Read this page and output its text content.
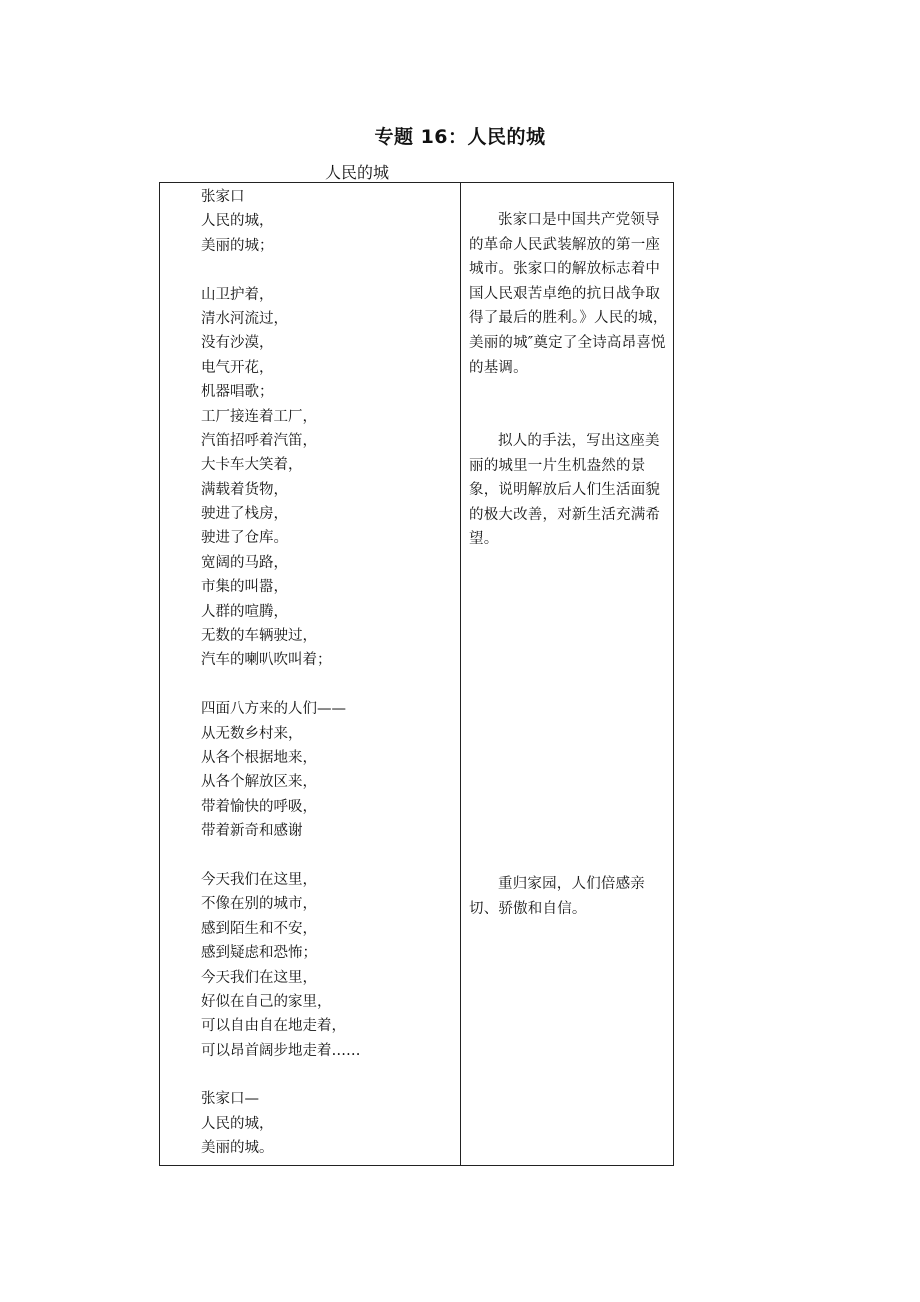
专题 16：人民的城
人民的城
张家口
人民的城，
美丽的城；
山卫护着，
清水河流过，
没有沙漠，
电气开花，
机器唱歌；
工厂接连着工厂，
汽笛招呼着汽笛，
大卡车大笑着，
满载着货物，
驶进了栈房，
驶进了仓库。
宽阔的马路，
市集的叫嚣，
人群的喧腾，
无数的车辆驶过，
汽车的喇叭吹叫着；
四面八方来的人们——
从无数乡村来，
从各个根据地来，
从各个解放区来，
带着愉快的呼吸，
带着新奇和感谢
今天我们在这里，
不像在别的城市，
感到陌生和不安，
感到疑虑和恐怖；
今天我们在这里，
好似在自己的家里，
可以自由自在地走着，
可以昂首阔步地走着……
张家口—
人民的城，
美丽的城。
张家口是中国共产党领导的革命人民武装解放的第一座城市。张家口的解放标志着中国人民艰苦卓绝的抗日战争取得了最后的胜利。》人民的城，美丽的城″奠定了全诗高昂喜悦的基调。
拟人的手法，写出这座美丽的城里一片生机盎然的景象，说明解放后人们生活面貌的极大改善，对新生活充满希望。
重归家园，人们倍感亲切、骄傲和自信。
